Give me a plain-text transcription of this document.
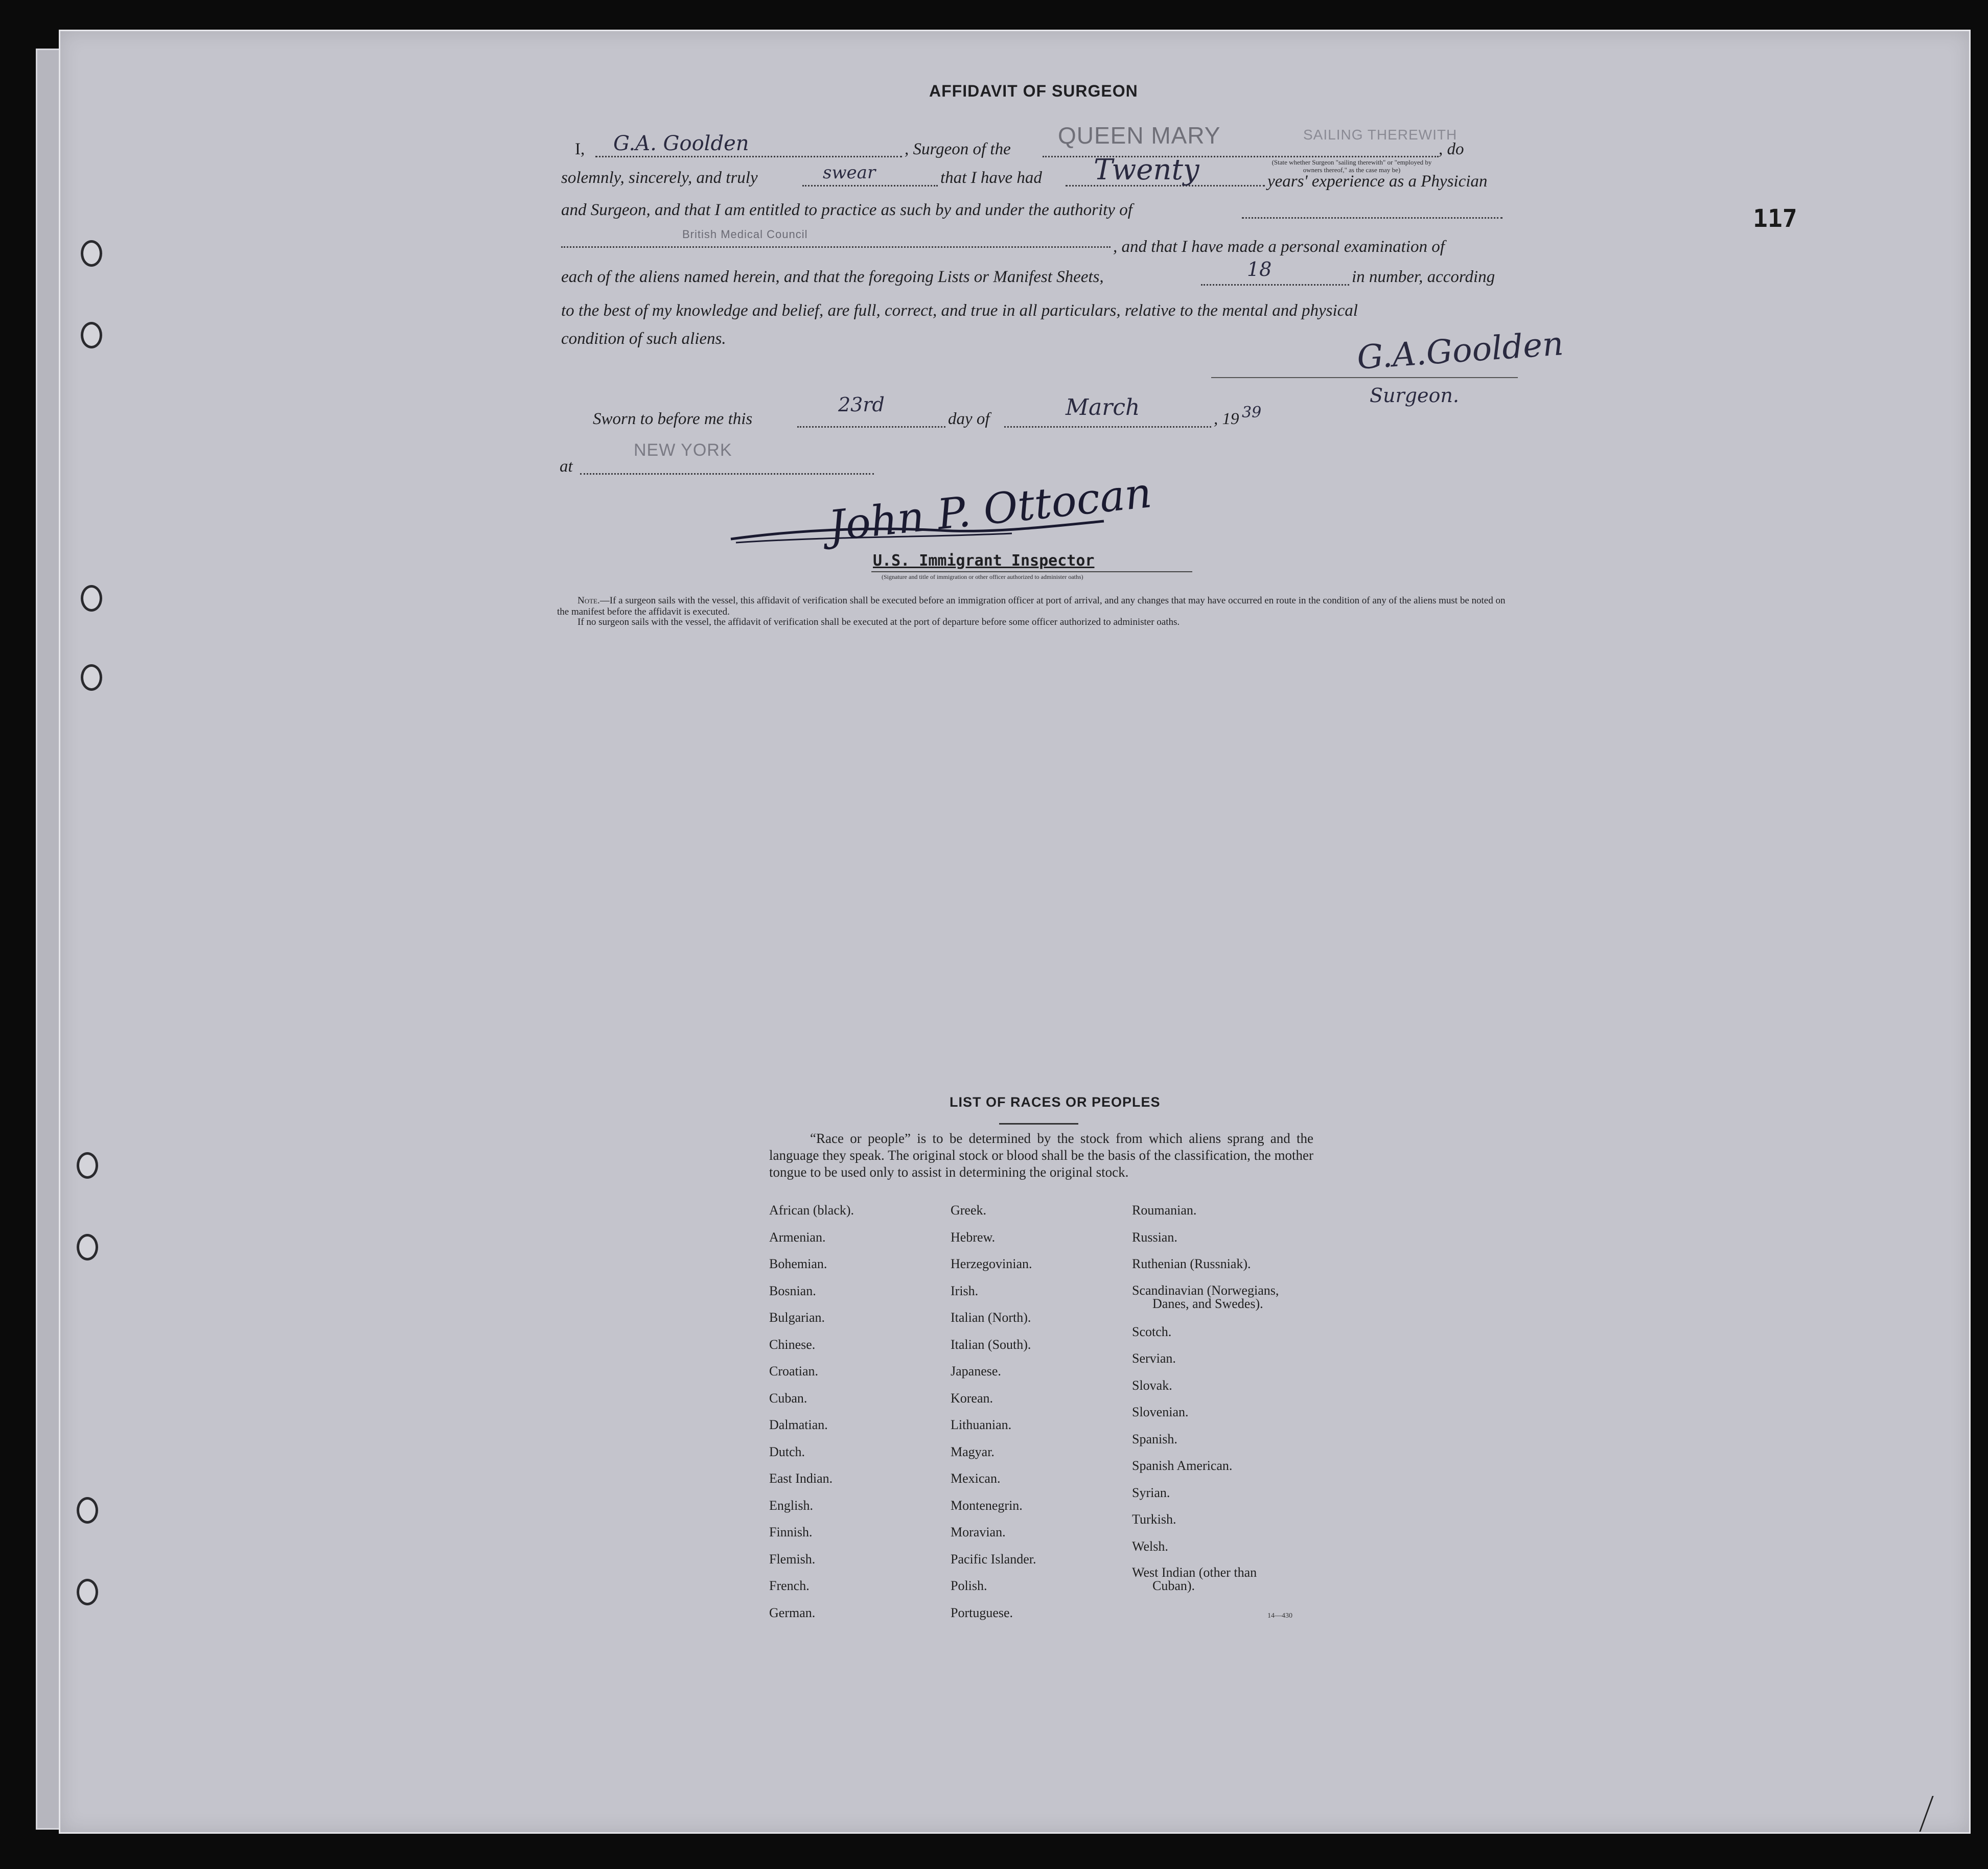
117
AFFIDAVIT OF SURGEON
I, G.A. Goolden	, Surgeon of the
QUEEN MARY	SAILING THEREWITH
, do
(State whether Surgeon "sailing therewith" or "employed by owners thereof," as the case may be)
solemnly, sincerely, and truly	swear	that I have had Twenty	years' experience as a Physician
and Surgeon, and that I am entitled to practice as such by and under the authority of
British Medical Council
, and that I have made a personal examination of
each of the aliens named herein, and that the foregoing Lists or Manifest Sheets,	18	in number, according
to the best of my knowledge and belief, are full, correct, and true in all particulars, relative to the mental and physical
condition of such aliens.	G.A.Goolden
Surgeon.
Sworn to before me this
23rd
day of	March	, 19 39
at
NEW YORK
John P. Ottocan
U.S. Immigrant Inspector
(Signature and title of immigration or other officer authorized to administer oaths)
Note.—If a surgeon sails with the vessel, this affidavit of verification shall be executed before an immigration officer at port of arrival, and any changes that may have occurred en route in the condition of any of the aliens must be noted on the manifest before the affidavit is executed.
If no surgeon sails with the vessel, the affidavit of verification shall be executed at the port of departure before some officer authorized to administer oaths.
LIST OF RACES OR PEOPLES
“Race or people” is to be determined by the stock from which aliens sprang and the language they speak. The original stock or blood shall be the basis of the classification, the mother tongue to be used only to assist in determining the original stock.
African (black).
Armenian.
Bohemian.
Bosnian.
Bulgarian.
Chinese.
Croatian.
Cuban.
Dalmatian.
Dutch.
East Indian.
English.
Finnish.
Flemish.
French.
German.
Greek.
Hebrew.
Herzegovinian.
Irish.
Italian (North).
Italian (South).
Japanese.
Korean.
Lithuanian.
Magyar.
Mexican.
Montenegrin.
Moravian.
Pacific Islander.
Polish.
Portuguese.
Roumanian.
Russian.
Ruthenian (Russniak).
Scandinavian (Norwegians,
Danes, and Swedes).
Scotch.
Servian.
Slovak.
Slovenian.
Spanish.
Spanish American.
Syrian.
Turkish.
Welsh.
West Indian (other than
Cuban).
14—430
